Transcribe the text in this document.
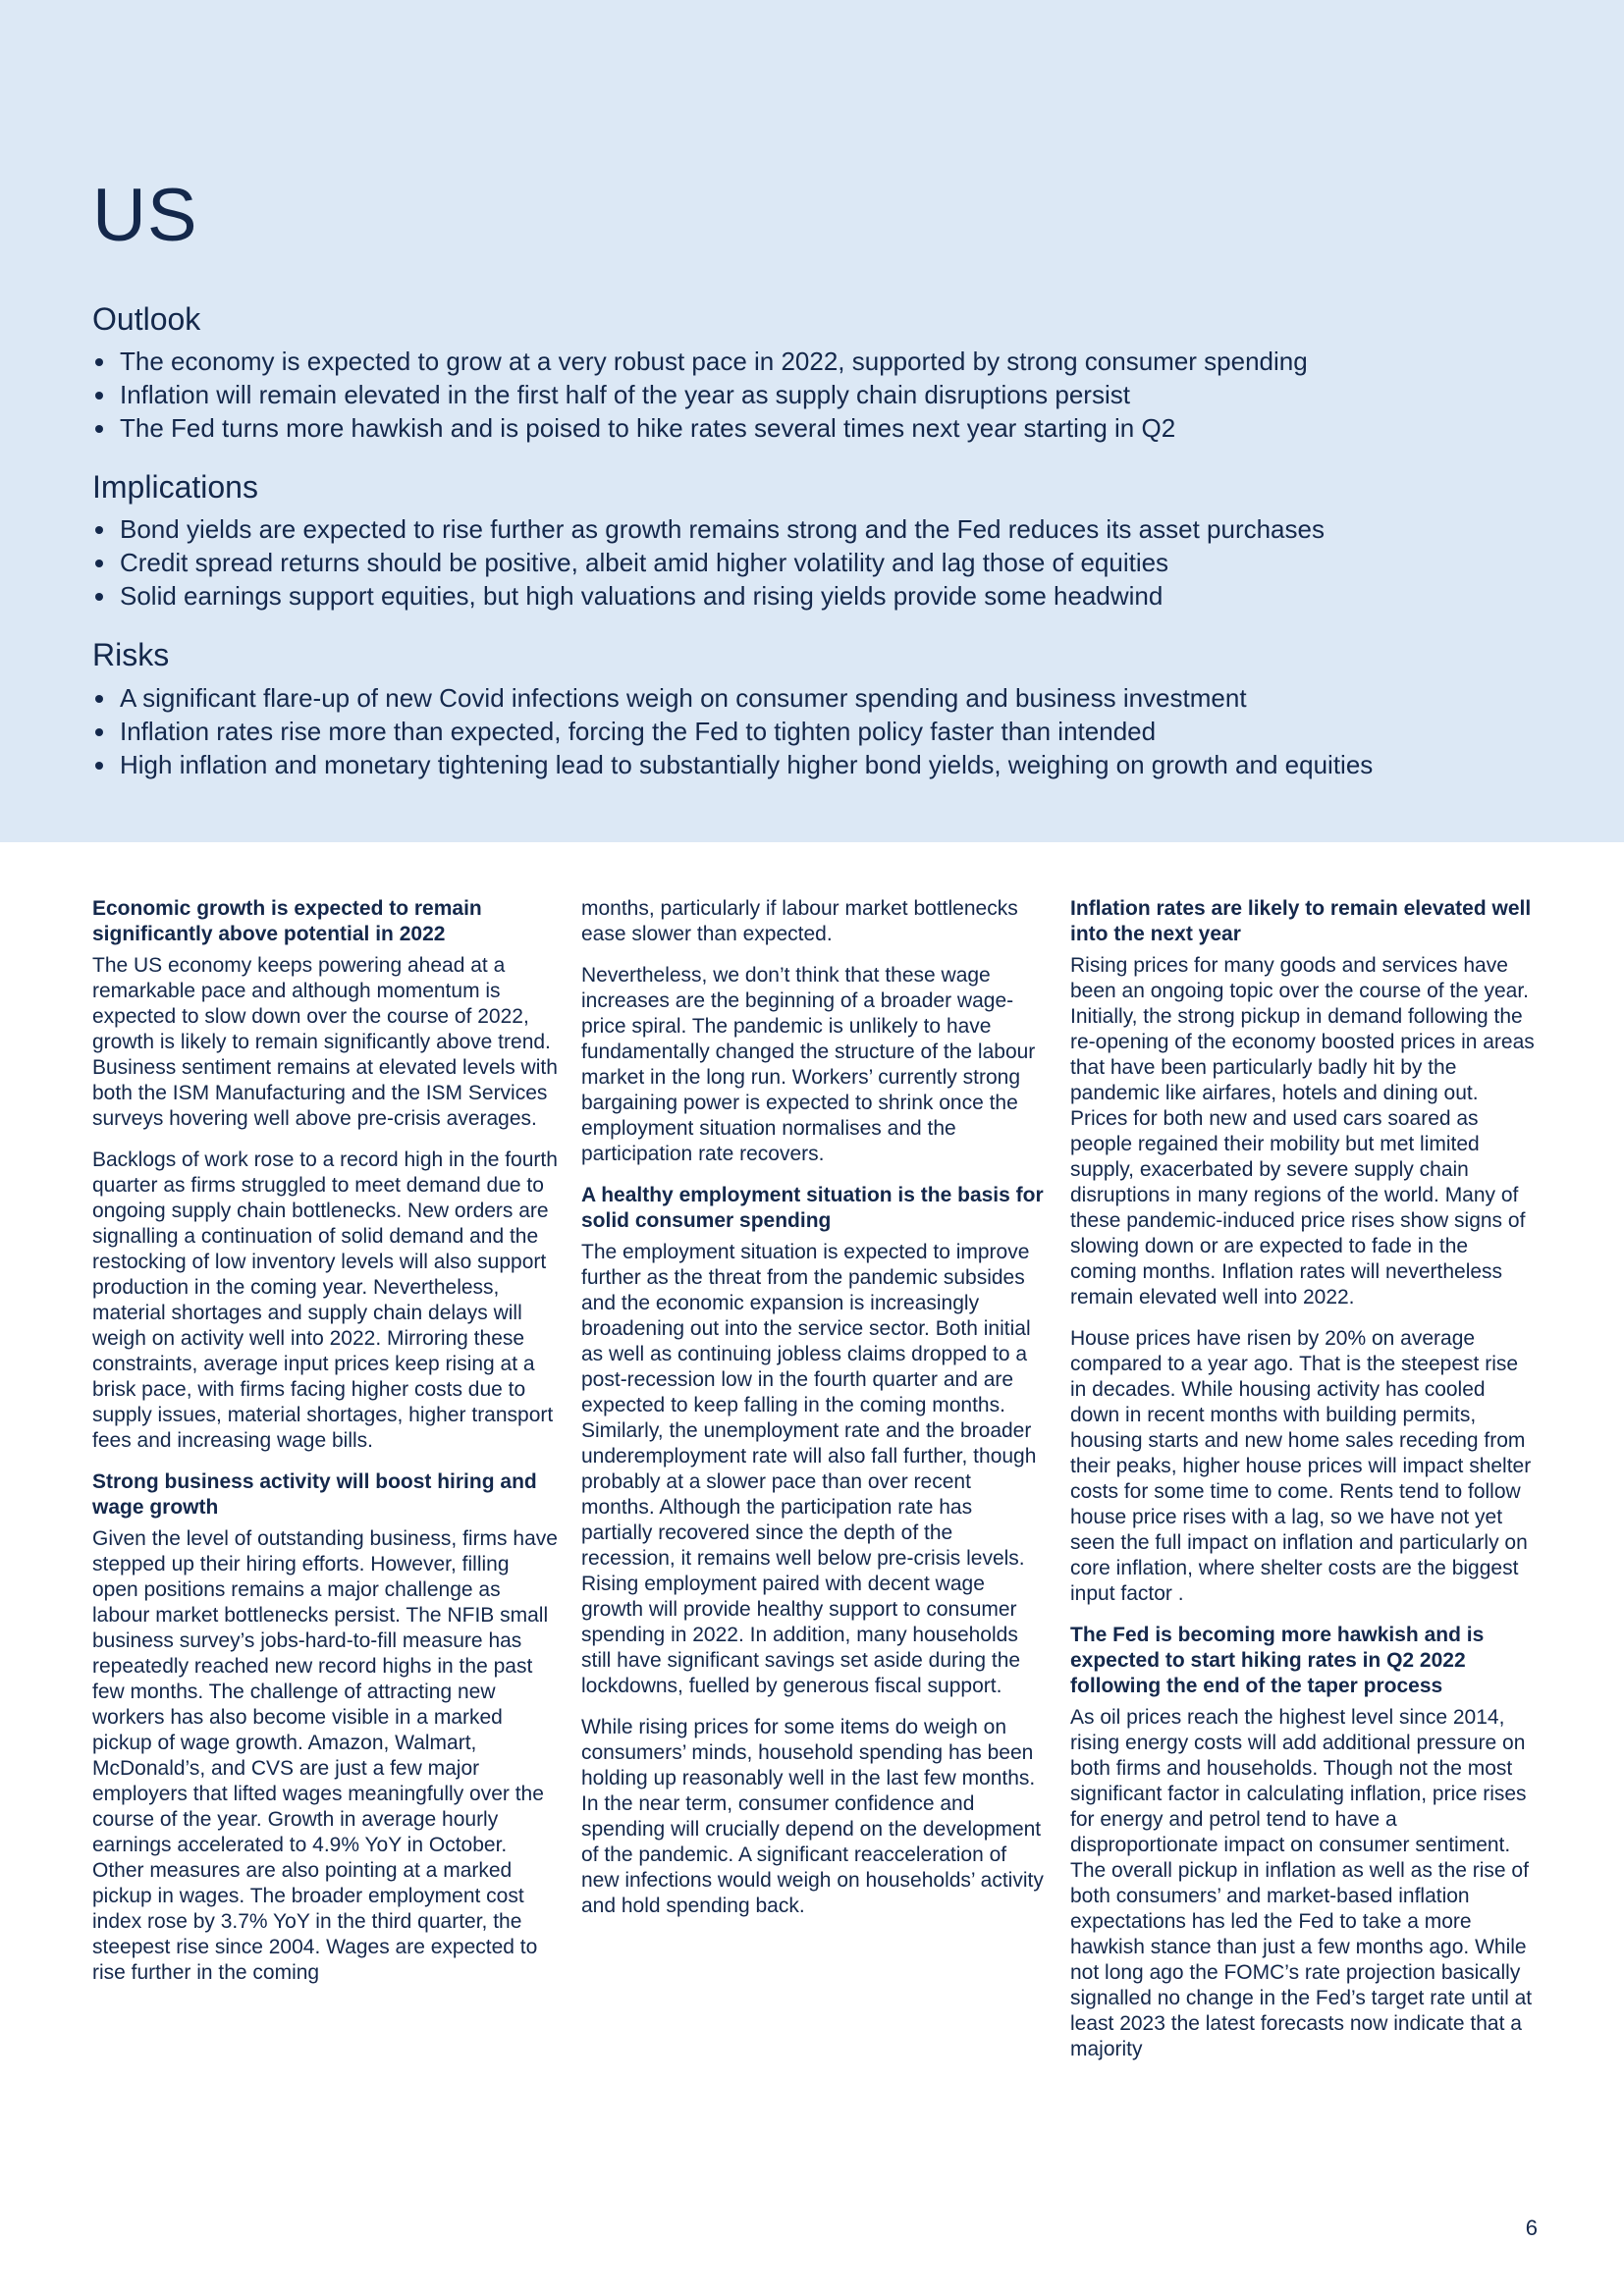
US
Outlook
The economy is expected to grow at a very robust pace in 2022, supported by strong consumer spending
Inflation will remain elevated in the first half of the year as supply chain disruptions persist
The Fed turns more hawkish and is poised to hike rates several times next year starting in Q2
Implications
Bond yields are expected to rise further as growth remains strong and the Fed reduces its asset purchases
Credit spread returns should be positive, albeit amid higher volatility and lag those of equities
Solid earnings support equities, but high valuations and rising yields provide some headwind
Risks
A significant flare-up of new Covid infections weigh on consumer spending and business investment
Inflation rates rise more than expected, forcing the Fed to tighten policy faster than intended
High inflation and monetary tightening lead to substantially higher bond yields, weighing on growth and equities
Economic growth is expected to remain significantly above potential in 2022

The US economy keeps powering ahead at a remarkable pace and although momentum is expected to slow down over the course of 2022, growth is likely to remain significantly above trend. Business sentiment remains at elevated levels with both the ISM Manufacturing and the ISM Services surveys hovering well above pre-crisis averages.

Backlogs of work rose to a record high in the fourth quarter as firms struggled to meet demand due to ongoing supply chain bottlenecks. New orders are signalling a continuation of solid demand and the restocking of low inventory levels will also support production in the coming year. Nevertheless, material shortages and supply chain delays will weigh on activity well into 2022. Mirroring these constraints, average input prices keep rising at a brisk pace, with firms facing higher costs due to supply issues, material shortages, higher transport fees and increasing wage bills.

Strong business activity will boost hiring and wage growth

Given the level of outstanding business, firms have stepped up their hiring efforts. However, filling open positions remains a major challenge as labour market bottlenecks persist. The NFIB small business survey’s jobs-hard-to-fill measure has repeatedly reached new record highs in the past few months. The challenge of attracting new workers has also become visible in a marked pickup of wage growth. Amazon, Walmart, McDonald’s, and CVS are just a few major employers that lifted wages meaningfully over the course of the year. Growth in average hourly earnings accelerated to 4.9% YoY in October. Other measures are also pointing at a marked pickup in wages. The broader employment cost index rose by 3.7% YoY in the third quarter, the steepest rise since 2004. Wages are expected to rise further in the coming

months, particularly if labour market bottlenecks ease slower than expected.

Nevertheless, we don’t think that these wage increases are the beginning of a broader wage-price spiral. The pandemic is unlikely to have fundamentally changed the structure of the labour market in the long run. Workers’ currently strong bargaining power is expected to shrink once the employment situation normalises and the participation rate recovers.

A healthy employment situation is the basis for solid consumer spending

The employment situation is expected to improve further as the threat from the pandemic subsides and the economic expansion is increasingly broadening out into the service sector. Both initial as well as continuing jobless claims dropped to a post-recession low in the fourth quarter and are expected to keep falling in the coming months. Similarly, the unemployment rate and the broader underemployment rate will also fall further, though probably at a slower pace than over recent months. Although the participation rate has partially recovered since the depth of the recession, it remains well below pre-crisis levels. Rising employment paired with decent wage growth will provide healthy support to consumer spending in 2022. In addition, many households still have significant savings set aside during the lockdowns, fuelled by generous fiscal support.

While rising prices for some items do weigh on consumers’ minds, household spending has been holding up reasonably well in the last few months. In the near term, consumer confidence and spending will crucially depend on the development of the pandemic. A significant reacceleration of new infections would weigh on households’ activity and hold spending back.

Inflation rates are likely to remain elevated well into the next year

Rising prices for many goods and services have been an ongoing topic over the course of the year. Initially, the strong pickup in demand following the re-opening of the economy boosted prices in areas that have been particularly badly hit by the pandemic like airfares, hotels and dining out. Prices for both new and used cars soared as people regained their mobility but met limited supply, exacerbated by severe supply chain disruptions in many regions of the world. Many of these pandemic-induced price rises show signs of slowing down or are expected to fade in the coming months. Inflation rates will nevertheless remain elevated well into 2022.

House prices have risen by 20% on average compared to a year ago. That is the steepest rise in decades. While housing activity has cooled down in recent months with building permits, housing starts and new home sales receding from their peaks, higher house prices will impact shelter costs for some time to come. Rents tend to follow house price rises with a lag, so we have not yet seen the full impact on inflation and particularly on core inflation, where shelter costs are the biggest input factor .

The Fed is becoming more hawkish and is expected to start hiking rates in Q2 2022 following the end of the taper process

As oil prices reach the highest level since 2014, rising energy costs will add additional pressure on both firms and households. Though not the most significant factor in calculating inflation, price rises for energy and petrol tend to have a disproportionate impact on consumer sentiment. The overall pickup in inflation as well as the rise of both consumers’ and market-based inflation expectations has led the Fed to take a more hawkish stance than just a few months ago. While not long ago the FOMC’s rate projection basically signalled no change in the Fed’s target rate until at least 2023 the latest forecasts now indicate that a majority

6
